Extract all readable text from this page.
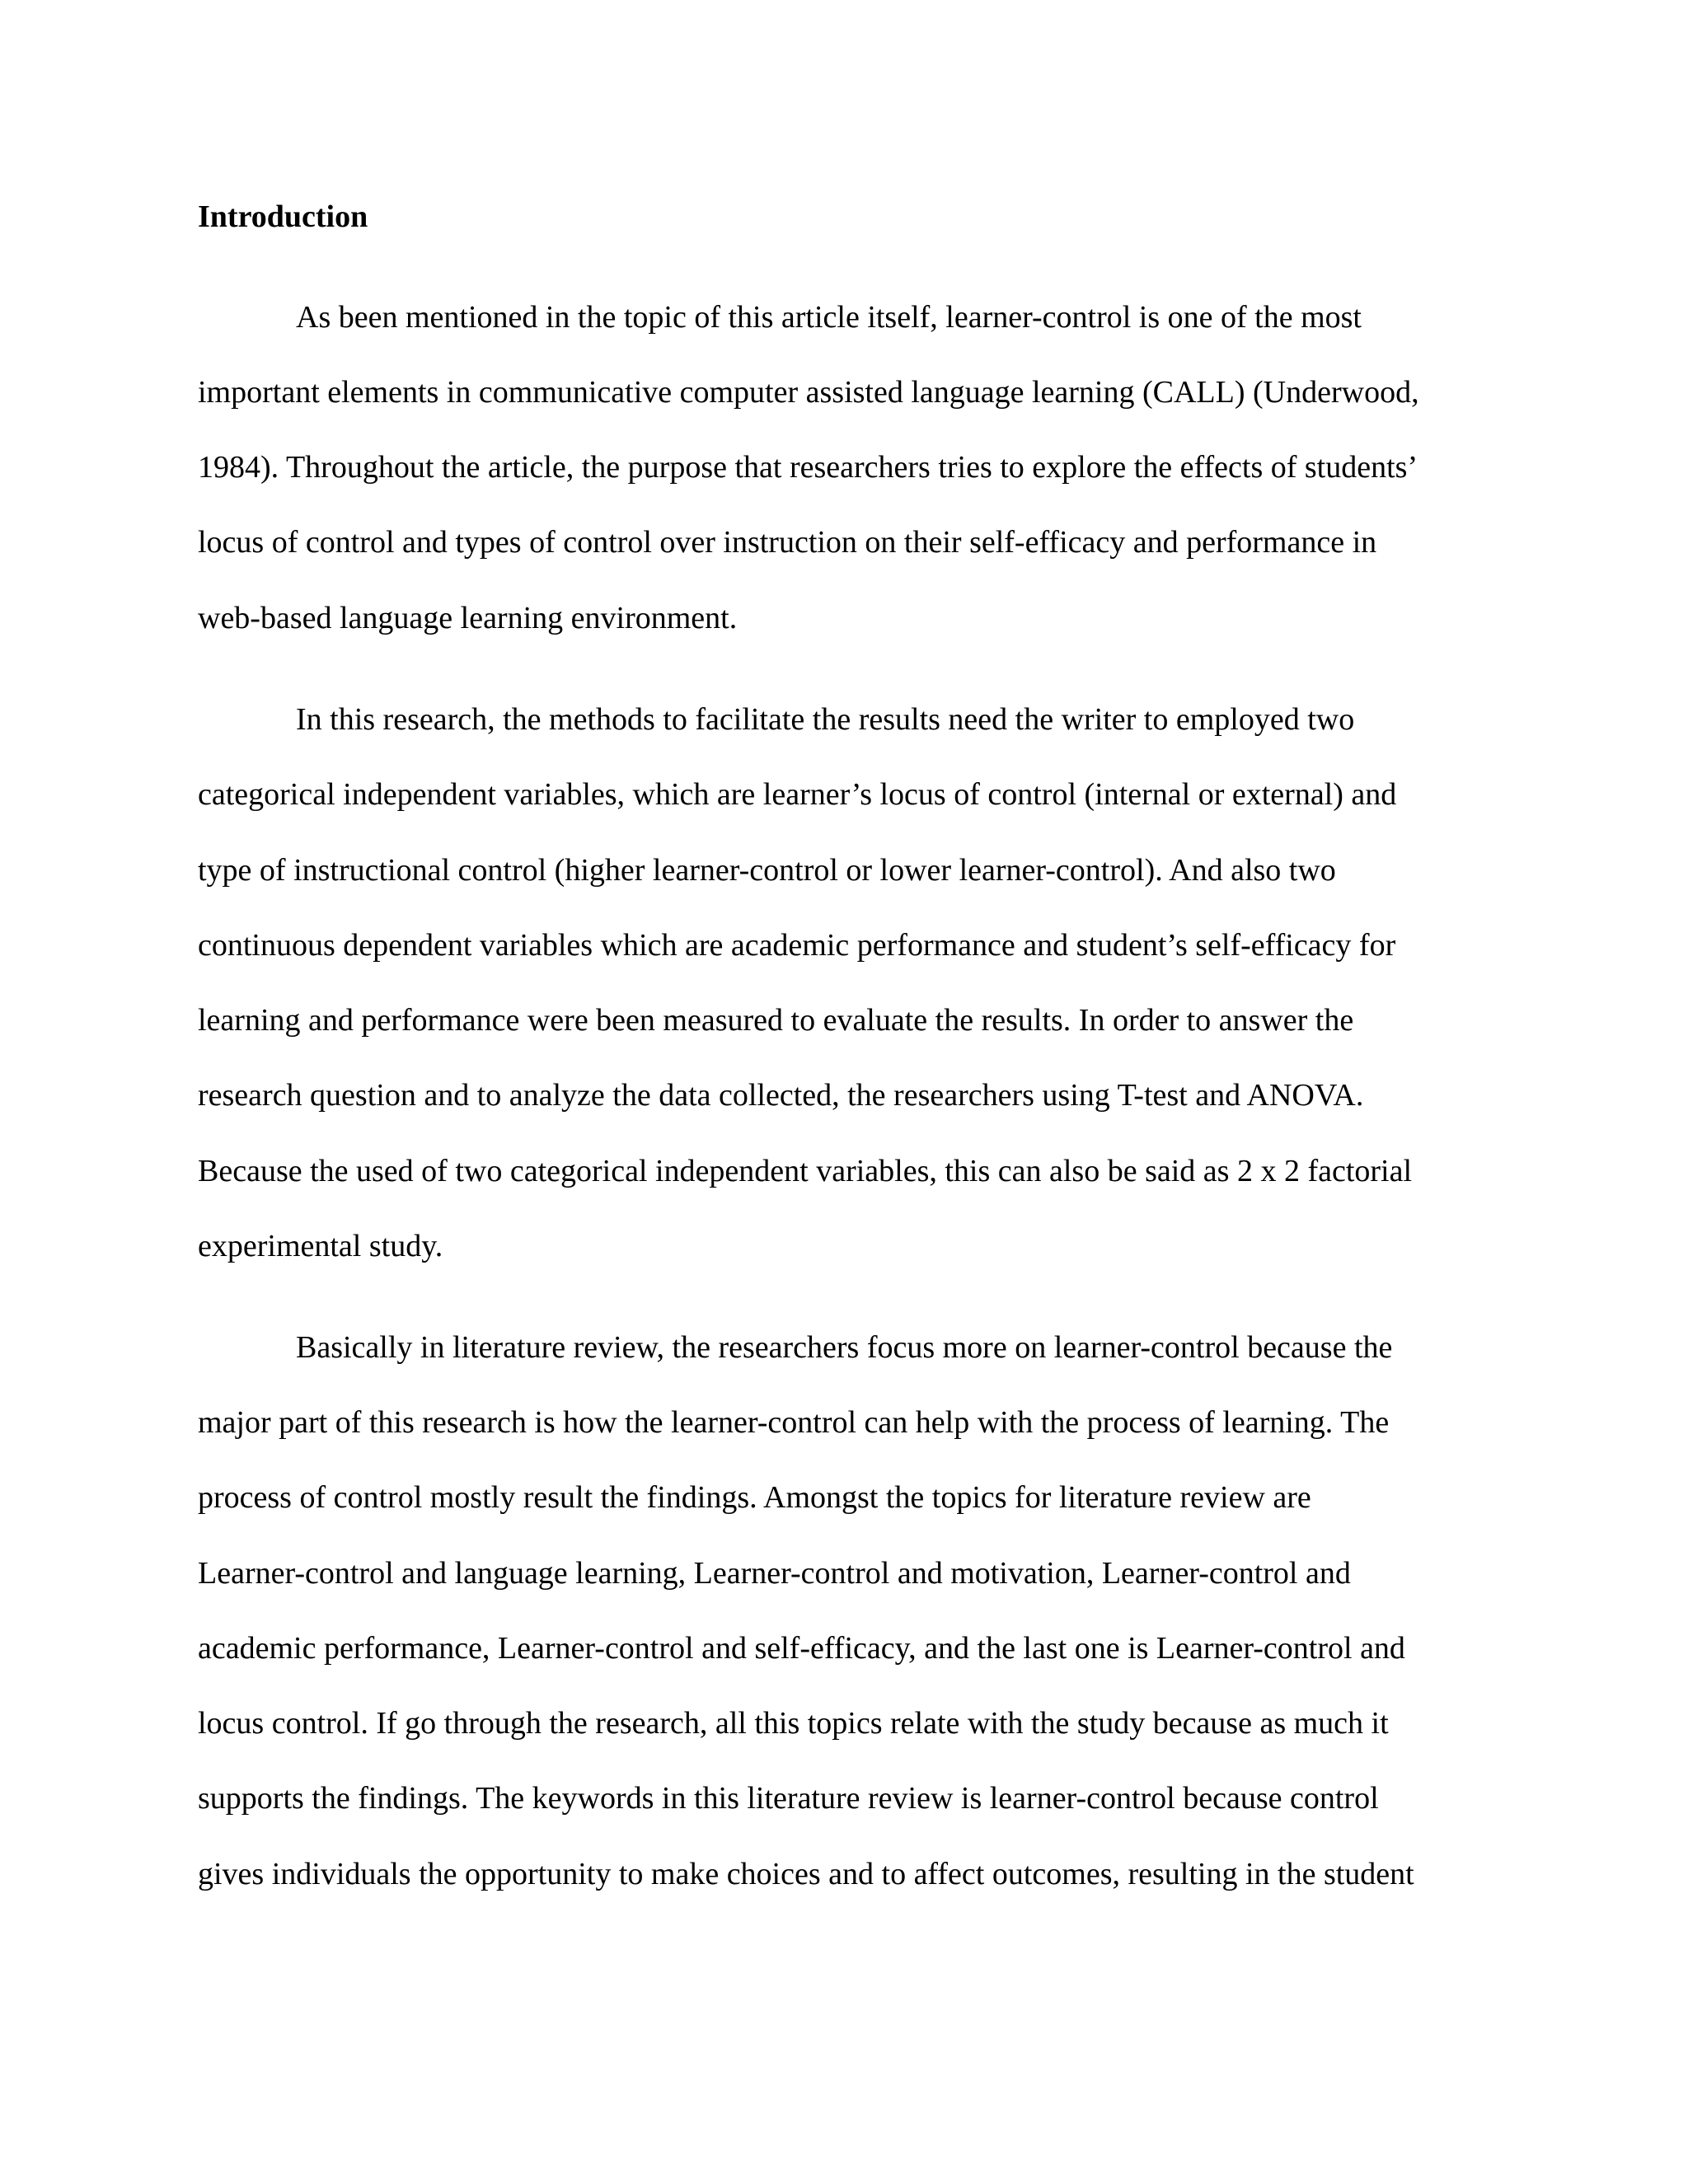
Introduction

As been mentioned in the topic of this article itself, learner-control is one of the most

important elements in communicative computer assisted language learning (CALL) (Underwood,

1984). Throughout the article, the purpose that researchers tries to explore the effects of students’

locus of control and types of control over instruction on their self-efficacy and performance in

web-based language learning environment.

In this research, the methods to facilitate the results need the writer to employed two

categorical independent variables, which are learner’s locus of control (internal or external) and

type of instructional control (higher learner-control or lower learner-control). And also two

continuous dependent variables which are academic performance and student’s self-efficacy for

learning and performance were been measured to evaluate the results. In order to answer the

research question and to analyze the data collected, the researchers using T-test and ANOVA.

Because the used of two categorical independent variables, this can also be said as 2 x 2 factorial

experimental study.

Basically in literature review, the researchers focus more on learner-control because the

major part of this research is how the learner-control can help with the process of learning. The

process of control mostly result the findings. Amongst the topics for literature review are

Learner-control and language learning, Learner-control and motivation, Learner-control and

academic performance, Learner-control and self-efficacy, and the last one is Learner-control and

locus control. If go through the research, all this topics relate with the study because as much it

supports the findings. The keywords in this literature review is learner-control because control

gives individuals the opportunity to make choices and to affect outcomes, resulting in the student
